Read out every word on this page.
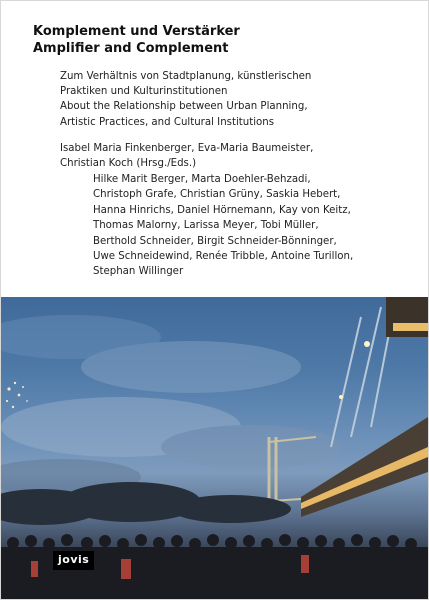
Komplement und Verstärker
Amplifier and Complement
Zum Verhältnis von Stadtplanung, künstlerischen
Praktiken und Kulturinstitutionen
About the Relationship between Urban Planning,
Artistic Practices, and Cultural Institutions
Isabel Maria Finkenberger, Eva-Maria Baumeister,
Christian Koch (Hrsg./Eds.)
Hilke Marit Berger, Marta Doehler-Behzadi,
Christoph Grafe, Christian Grüny, Saskia Hebert,
Hanna Hinrichs, Daniel Hörnemann, Kay von Keitz,
Thomas Malorny, Larissa Meyer, Tobi Müller,
Berthold Schneider, Birgit Schneider-Bönninger,
Uwe Schneidewind, Renée Tribble, Antoine Turillon,
Stephan Willinger
jovis
